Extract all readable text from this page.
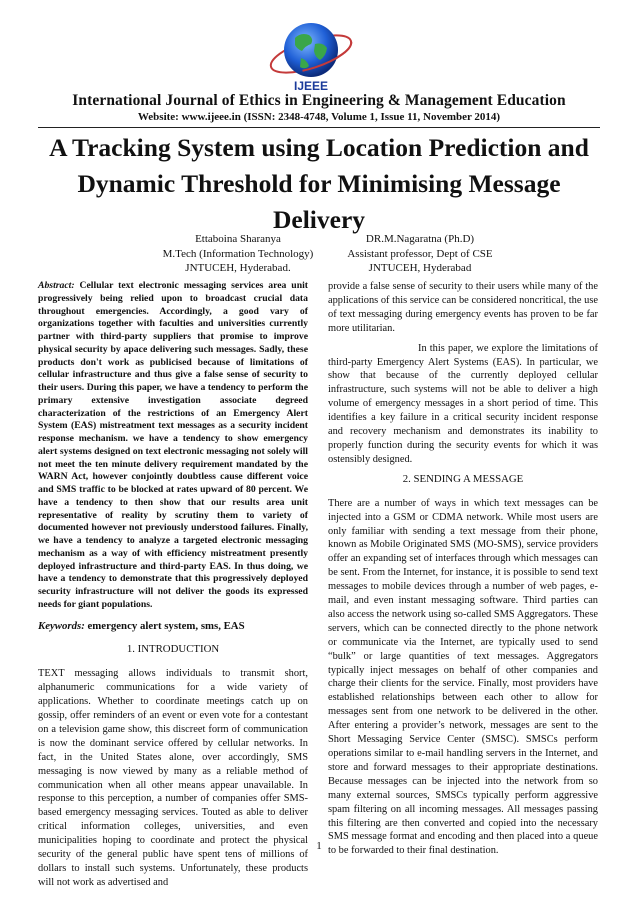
IJEEE
International Journal of Ethics in Engineering & Management Education
Website: www.ijeee.in (ISSN: 2348-4748, Volume 1, Issue 11, November 2014)
A Tracking System using Location Prediction and Dynamic Threshold for Minimising Message Delivery
Ettaboina Sharanya
M.Tech (Information Technology)
JNTUCEH, Hyderabad.
DR.M.Nagaratna (Ph.D)
Assistant professor, Dept of CSE
JNTUCEH, Hyderabad

Abstract: Cellular text electronic messaging services area unit progressively being relied upon to broadcast crucial data throughout emergencies. Accordingly, a good vary of organizations together with faculties and universities currently partner with third-party suppliers that promise to improve physical security by apace delivering such messages. Sadly, these products don't work as publicised because of limitations of cellular infrastructure and thus give a false sense of security to their users. During this paper, we have a tendency to perform the primary extensive investigation associate degreed characterization of the restrictions of an Emergency Alert System (EAS) mistreatment text messages as a security incident response mechanism. we have a tendency to show emergency alert systems designed on text electronic messaging not solely will not meet the ten minute delivery requirement mandated by the WARN Act, however conjointly doubtless cause different voice and SMS traffic to be blocked at rates upward of 80 percent. We have a tendency to then show that our results area unit representative of reality by scrutiny them to variety of documented however not previously understood failures. Finally, we have a tendency to analyze a targeted electronic messaging mechanism as a way of with efficiency mistreatment presently deployed infrastructure and third-party EAS. In thus doing, we have a tendency to demonstrate that this progressively deployed security infrastructure will not deliver the goods its expressed needs for giant populations.

Keywords: emergency alert system, sms, EAS

1. INTRODUCTION

TEXT messaging allows individuals to transmit short, alphanumeric communications for a wide variety of applications. Whether to coordinate meetings catch up on gossip, offer reminders of an event or even vote for a contestant on a television game show, this discreet form of communication is now the dominant service offered by cellular networks. In fact, in the United States alone, over accordingly, SMS messaging is now viewed by many as a reliable method of communication when all other means appear unavailable. In response to this perception, a number of companies offer SMS-based emergency messaging services. Touted as able to deliver critical information colleges, universities, and even municipalities hoping to coordinate and protect the physical security of the general public have spent tens of millions of dollars to install such systems. Unfortunately, these products will not work as advertised and

provide a false sense of security to their users while many of the applications of this service can be considered noncritical, the use of text messaging during emergency events has proven to be far more utilitarian.

In this paper, we explore the limitations of third-party Emergency Alert Systems (EAS). In particular, we show that because of the currently deployed cellular infrastructure, such systems will not be able to deliver a high volume of emergency messages in a short period of time. This identifies a key failure in a critical security incident response and recovery mechanism and demonstrates its inability to properly function during the security events for which it was ostensibly designed.

2. SENDING A MESSAGE

There are a number of ways in which text messages can be injected into a GSM or CDMA network. While most users are only familiar with sending a text message from their phone, known as Mobile Originated SMS (MO-SMS), service providers offer an expanding set of interfaces through which messages can be sent. From the Internet, for instance, it is possible to send text messages to mobile devices through a number of web pages, e-mail, and even instant messaging software. Third parties can also access the network using so-called SMS Aggregators. These servers, which can be connected directly to the phone network or communicate via the Internet, are typically used to send “bulk” or large quantities of text messages. Aggregators typically inject messages on behalf of other companies and charge their clients for the service. Finally, most providers have established relationships between each other to allow for messages sent from one network to be delivered in the other. After entering a provider’s network, messages are sent to the Short Messaging Service Center (SMSC). SMSCs perform operations similar to e-mail handling servers in the Internet, and store and forward messages to their appropriate destinations. Because messages can be injected into the network from so many external sources, SMSCs typically perform aggressive spam filtering on all incoming messages. All messages passing this filtering are then converted and copied into the necessary SMS message format and encoding and then placed into a queue to be forwarded to their final destination.

1
